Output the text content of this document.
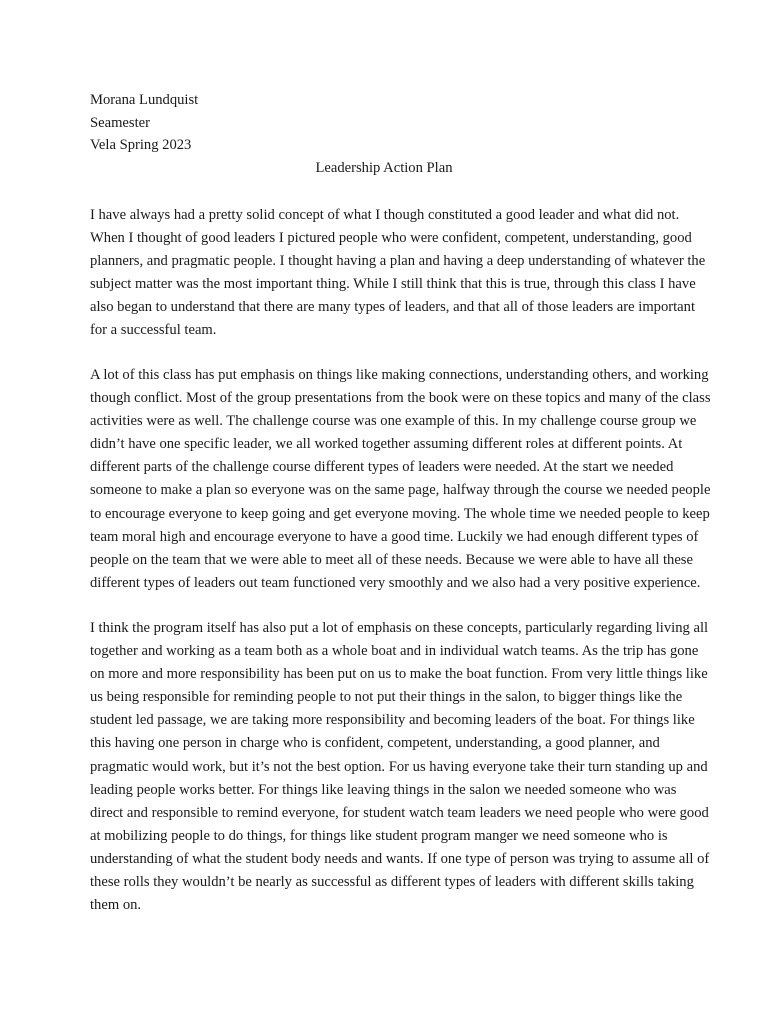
Morana Lundquist
Seamester
Vela Spring 2023
Leadership Action Plan
I have always had a pretty solid concept of what I though constituted a good leader and what did not.
When I thought of good leaders I pictured people who were confident, competent, understanding, good
planners, and pragmatic people. I thought having a plan and having a deep understanding of whatever the
subject matter was the most important thing. While I still think that this is true, through this class I have
also began to understand that there are many types of leaders, and that all of those leaders are important
for a successful team.
A lot of this class has put emphasis on things like making connections, understanding others, and working
though conflict. Most of the group presentations from the book were on these topics and many of the class
activities were as well. The challenge course was one example of this. In my challenge course group we
didn’t have one specific leader, we all worked together assuming different roles at different points. At
different parts of the challenge course different types of leaders were needed. At the start we needed
someone to make a plan so everyone was on the same page, halfway through the course we needed people
to encourage everyone to keep going and get everyone moving. The whole time we needed people to keep
team moral high and encourage everyone to have a good time. Luckily we had enough different types of
people on the team that we were able to meet all of these needs. Because we were able to have all these
different types of leaders out team functioned very smoothly and we also had a very positive experience.
I think the program itself has also put a lot of emphasis on these concepts, particularly regarding living all
together and working as a team both as a whole boat and in individual watch teams. As the trip has gone
on more and more responsibility has been put on us to make the boat function. From very little things like
us being responsible for reminding people to not put their things in the salon, to bigger things like the
student led passage, we are taking more responsibility and becoming leaders of the boat. For things like
this having one person in charge who is confident, competent, understanding, a good planner, and
pragmatic would work, but it’s not the best option. For us having everyone take their turn standing up and
leading people works better. For things like leaving things in the salon we needed someone who was
direct and responsible to remind everyone, for student watch team leaders we need people who were good
at mobilizing people to do things, for things like student program manger we need someone who is
understanding of what the student body needs and wants. If one type of person was trying to assume all of
these rolls they wouldn’t be nearly as successful as different types of leaders with different skills taking
them on.
